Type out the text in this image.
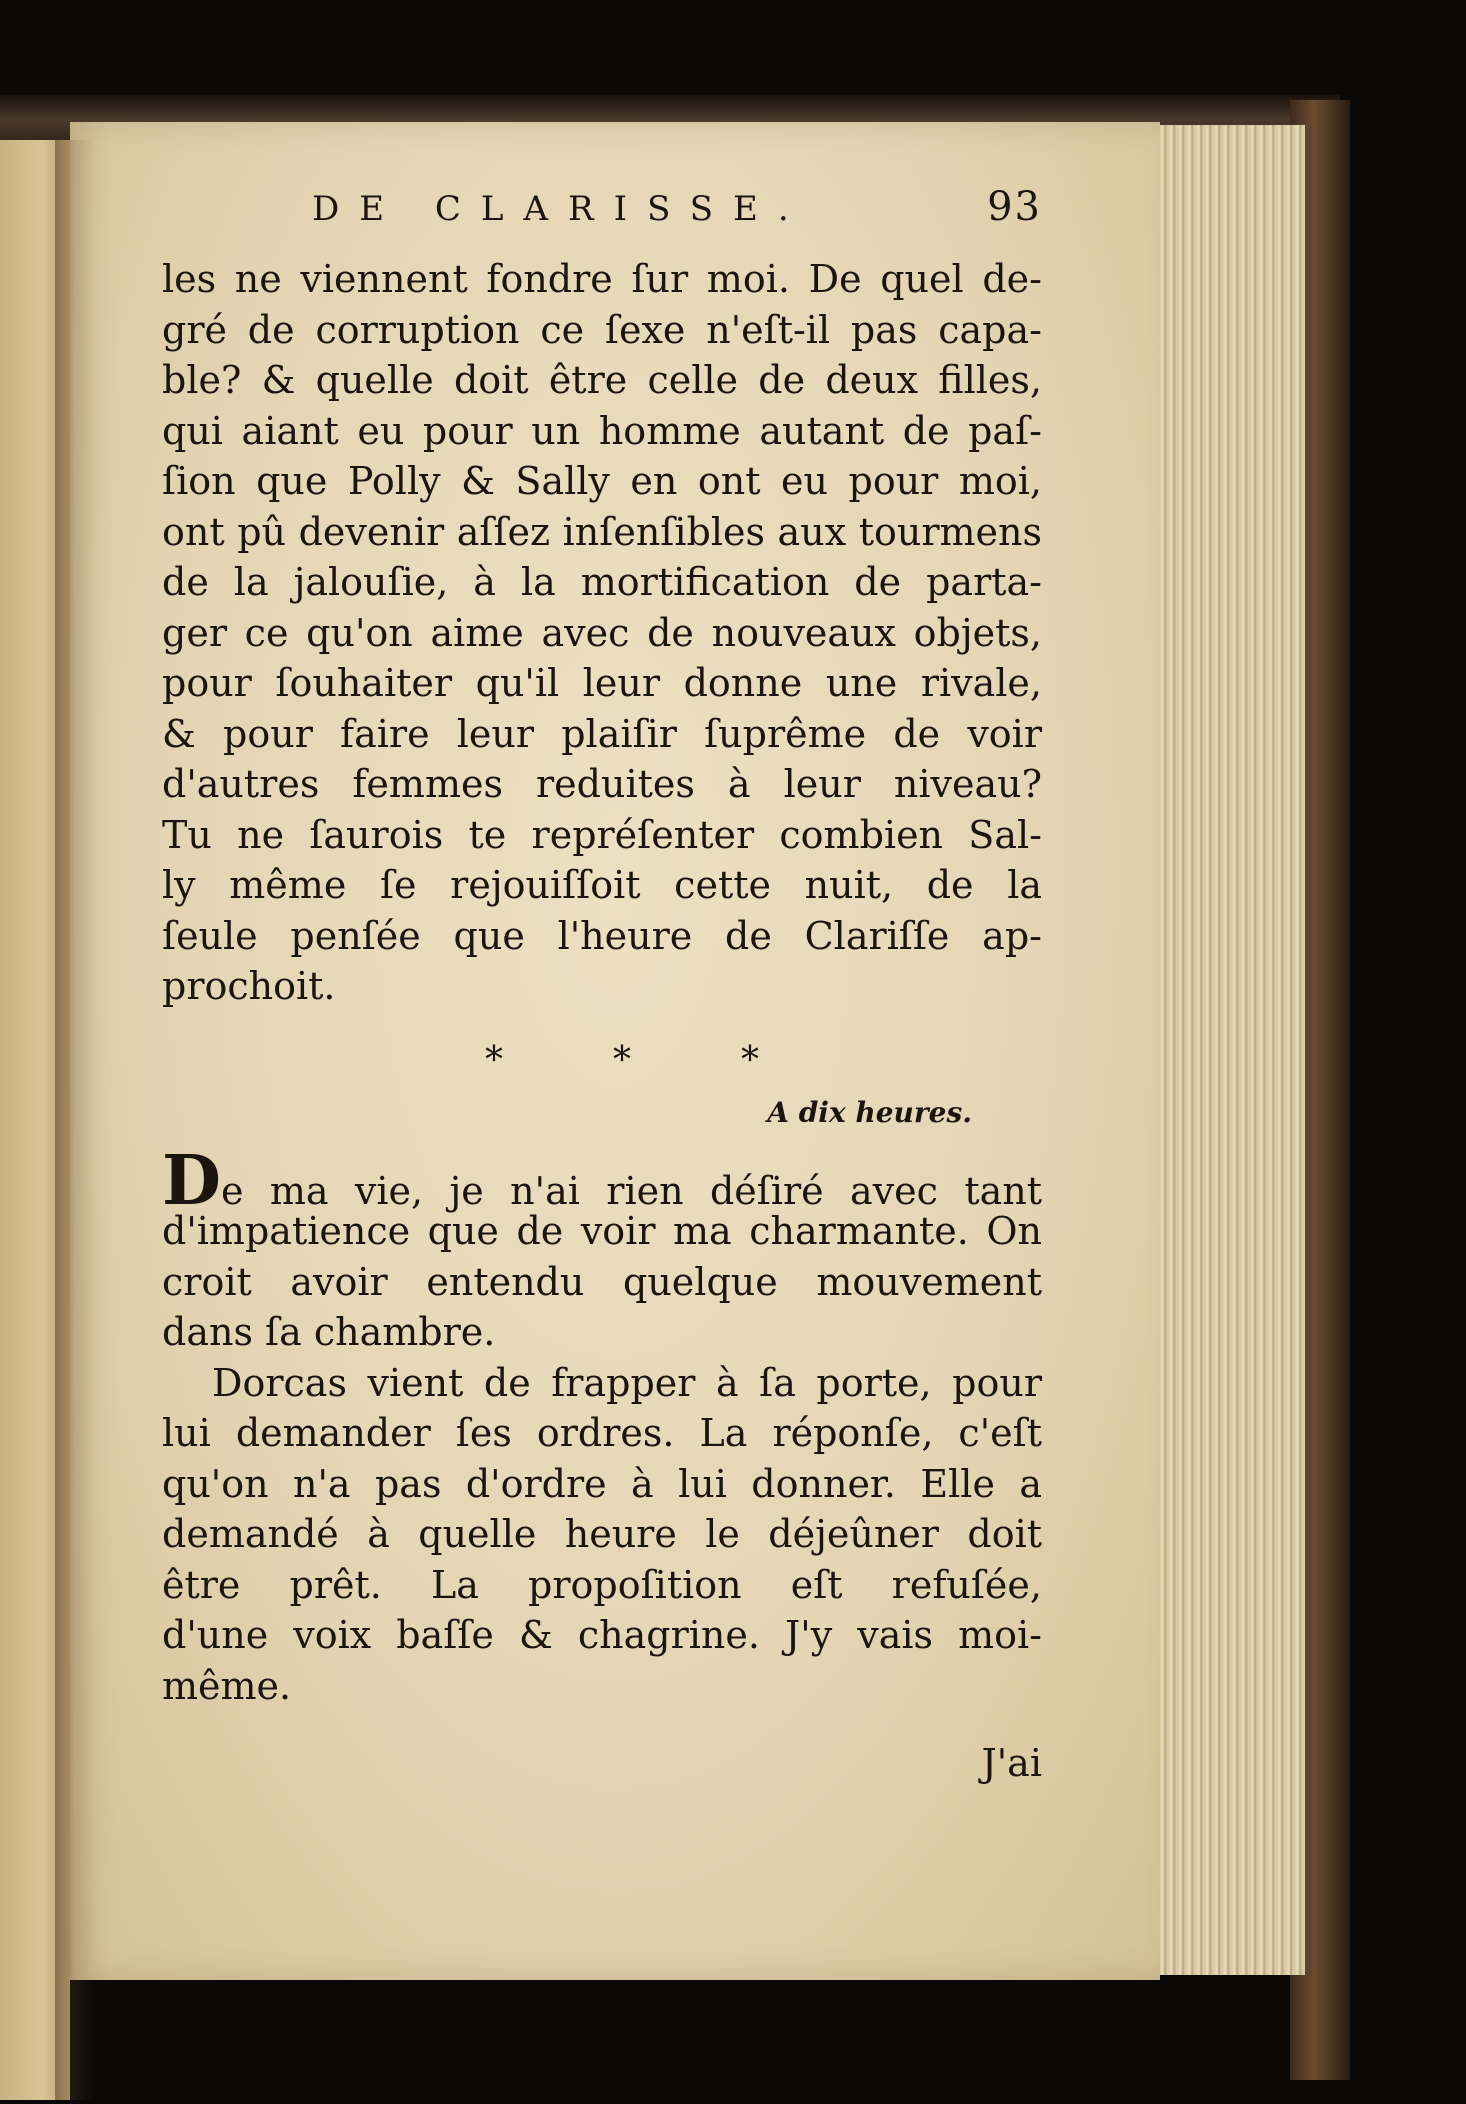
DE CLARISSE.	93
les ne viennent fondre ſur moi. De quel de-
gré de corruption ce ſexe n'eſt-il pas capa-
ble? & quelle doit être celle de deux filles,
qui aiant eu pour un homme autant de paſ-
ſion que Polly & Sally en ont eu pour moi,
ont pû devenir aſſez inſenſibles aux tourmens
de la jalouſie, à la mortification de parta-
ger ce qu'on aime avec de nouveaux objets,
pour ſouhaiter qu'il leur donne une rivale,
& pour faire leur plaiſir ſuprême de voir
d'autres femmes reduites à leur niveau?
Tu ne ſaurois te repréſenter combien Sal-
ly même ſe rejouiſſoit cette nuit, de la
ſeule penſée que l'heure de Clariſſe ap-
prochoit.
*	*	*
A dix heures.
De ma vie, je n'ai rien déſiré avec tant
d'impatience que de voir ma charmante. On
croit avoir entendu quelque mouvement
dans ſa chambre.
Dorcas vient de frapper à ſa porte, pour
lui demander ſes ordres. La réponſe, c'eſt
qu'on n'a pas d'ordre à lui donner. Elle a
demandé à quelle heure le déjeûner doit
être prêt. La propoſition eſt refuſée,
d'une voix baſſe & chagrine. J'y vais moi-
même.
J'ai
